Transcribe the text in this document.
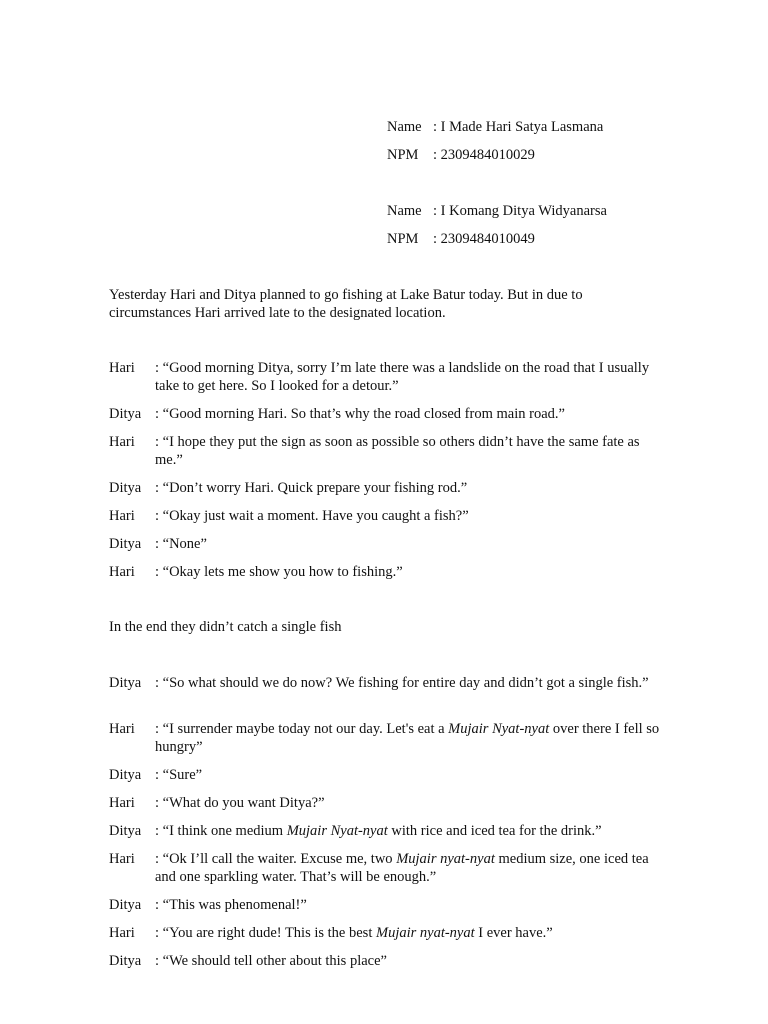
Name : I Made Hari Satya Lasmana
NPM : 2309484010029
Name : I Komang Ditya Widyanarsa
NPM : 2309484010049
Yesterday Hari and Ditya planned to go fishing at Lake Batur today. But in due to circumstances Hari arrived late to the designated location.
Hari	: “Good morning Ditya, sorry I’m late there was a landslide on the road that I usually take to get here. So I looked for a detour.”
Ditya : “Good morning Hari. So that’s why the road closed from main road.”
Hari	: “I hope they put the sign as soon as possible so others didn’t have the same fate as me.”
Ditya : “Don’t worry Hari. Quick prepare your fishing rod.”
Hari	: “Okay just wait a moment. Have you caught a fish?”
Ditya : “None”
Hari	: “Okay lets me show you how to fishing.”
In the end they didn’t catch a single fish
Ditya : “So what should we do now? We fishing for entire day and didn’t got a single fish.”
Hari	: “I surrender maybe today not our day. Let's eat a Mujair Nyat-nyat over there I fell so hungry”
Ditya : “Sure”
Hari	: “What do you want Ditya?”
Ditya : “I think one medium Mujair Nyat-nyat with rice and iced tea for the drink.”
Hari	: “Ok I’ll call the waiter. Excuse me, two Mujair nyat-nyat medium size, one iced tea and one sparkling water. That’s will be enough.”
Ditya : “This was phenomenal!”
Hari	: “You are right dude! This is the best Mujair nyat-nyat I ever have.”
Ditya : “We should tell other about this place”
